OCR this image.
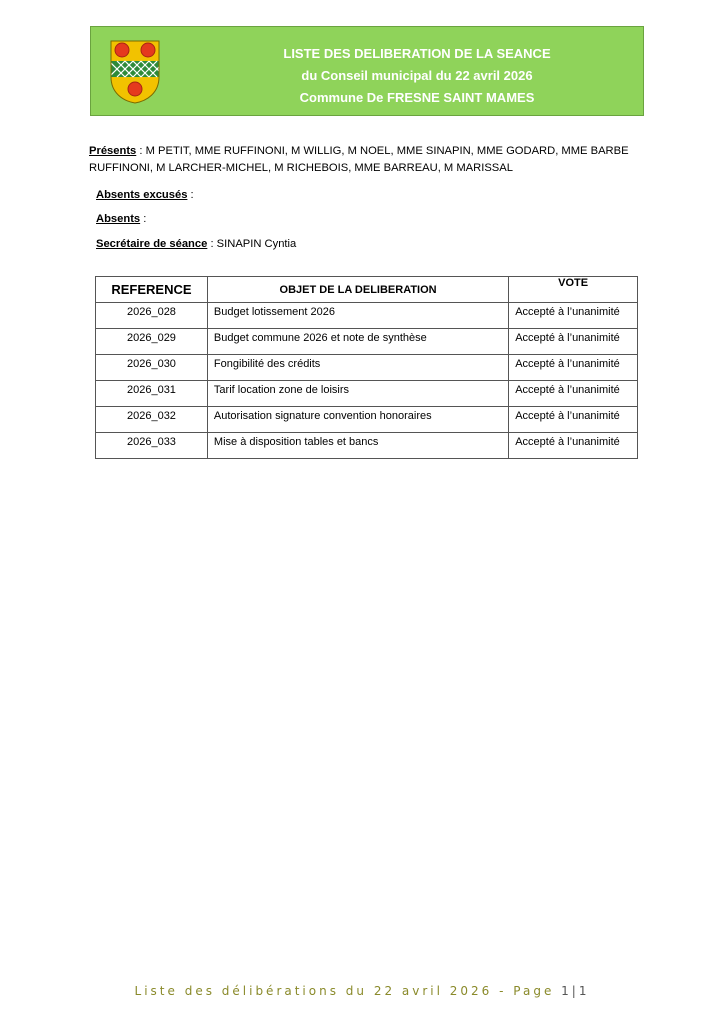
LISTE DES DELIBERATION DE LA SEANCE
du Conseil municipal du 22 avril 2026
Commune De FRESNE SAINT MAMES
Présents : M PETIT, MME RUFFINONI, M WILLIG, M NOEL, MME SINAPIN, MME GODARD, MME BARBE RUFFINONI, M LARCHER-MICHEL, M RICHEBOIS, MME BARREAU, M MARISSAL
Absents excusés :
Absents :
Secrétaire de séance : SINAPIN Cyntia
REFERENCE	OBJET DE LA DELIBERATION	VOTE
2026_028	Budget lotissement 2026	Accepté à l’unanimité
2026_029	Budget commune 2026 et note de synthèse	Accepté à l’unanimité
2026_030	Fongibilité des crédits	Accepté à l’unanimité
2026_031	Tarif location zone de loisirs	Accepté à l’unanimité
2026_032	Autorisation signature convention honoraires	Accepté à l’unanimité
2026_033	Mise à disposition tables et bancs	Accepté à l’unanimité
Liste des délibérations du 22 avril 2026 - Page 1|1
